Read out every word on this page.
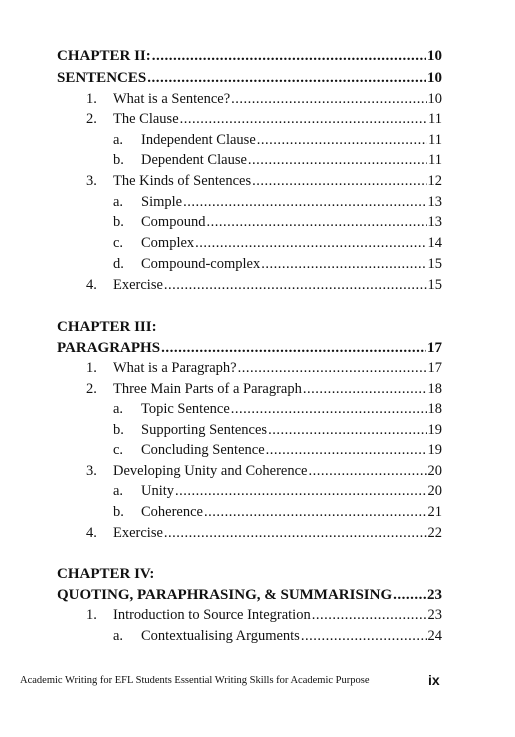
CHAPTER II: .....	10
SENTENCES .....	10
1. What is a Sentence? .....	10
2. The Clause .....	11
a. Independent Clause .....	11
b. Dependent Clause .....	11
3. The Kinds of Sentences .....	12
a. Simple .....	13
b. Compound .....	13
c. Complex .....	14
d. Compound-complex .....	15
4. Exercise .....	15
CHAPTER III:
PARAGRAPHS .....	17
1. What is a Paragraph? .....	17
2. Three Main Parts of a Paragraph .....	18
a. Topic Sentence .....	18
b. Supporting Sentences .....	19
c. Concluding Sentence .....	19
3. Developing Unity and Coherence .....	20
a. Unity .....	20
b. Coherence .....	21
4. Exercise .....	22
CHAPTER IV:
QUOTING, PARAPHRASING, & SUMMARISING ..... 23
1. Introduction to Source Integration .....	23
a. Contextualising Arguments .....	24
Academic Writing for EFL Students Essential Writing Skills for Academic Purpose	ix
